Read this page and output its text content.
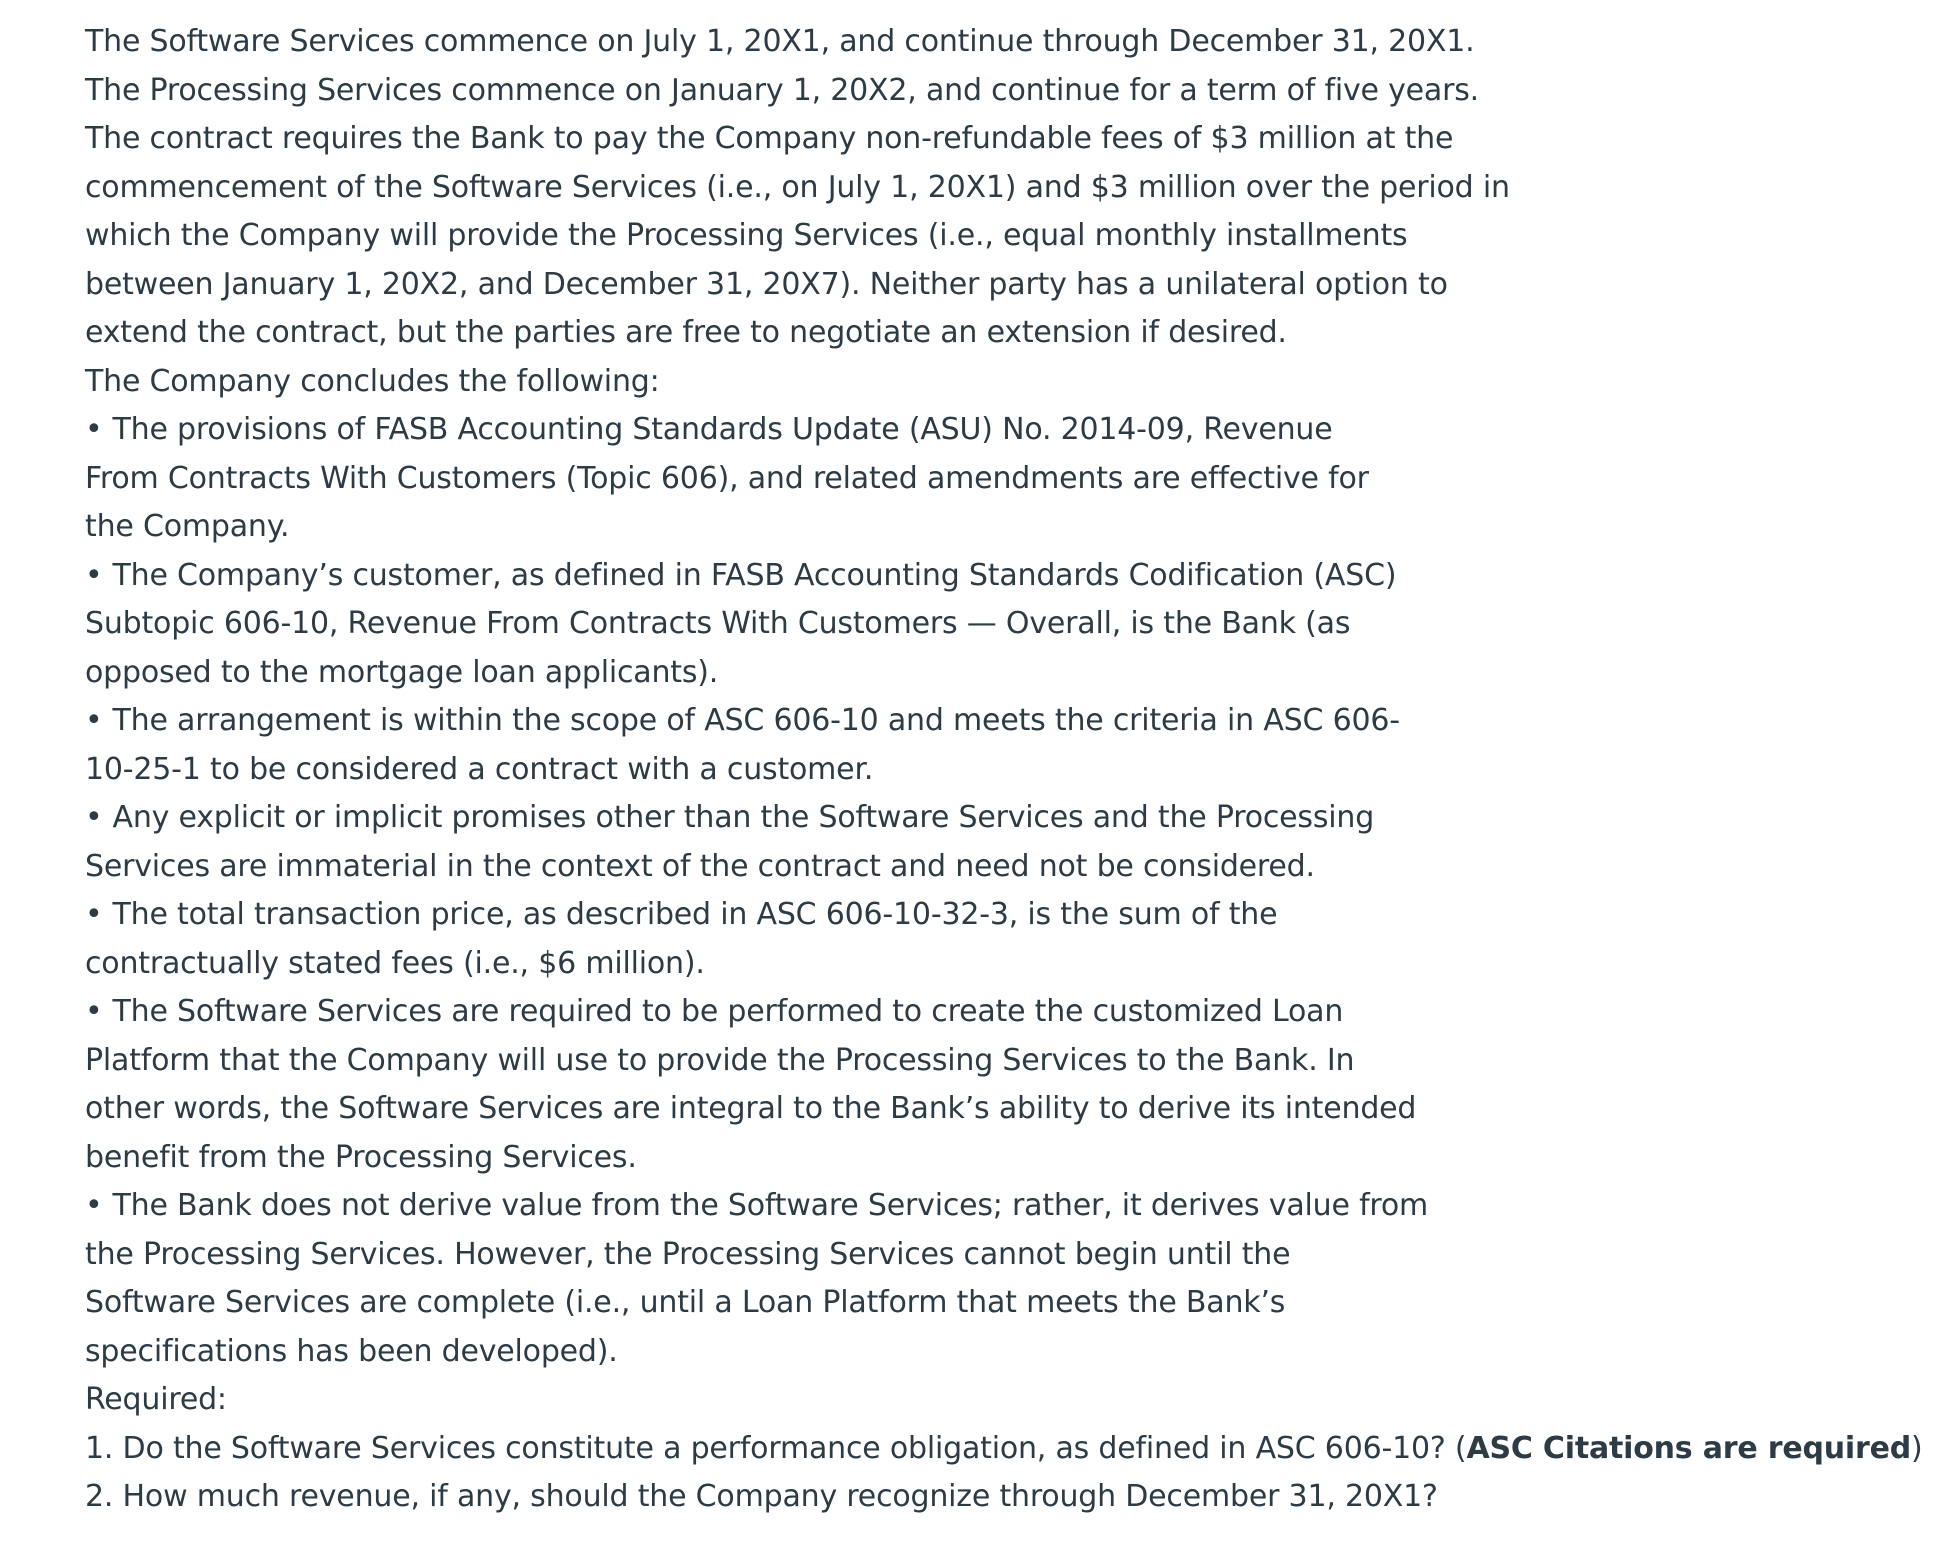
The Software Services commence on July 1, 20X1, and continue through December 31, 20X1.

The Processing Services commence on January 1, 20X2, and continue for a term of five years.

The contract requires the Bank to pay the Company non-refundable fees of $3 million at the

commencement of the Software Services (i.e., on July 1, 20X1) and $3 million over the period in

which the Company will provide the Processing Services (i.e., equal monthly installments

between January 1, 20X2, and December 31, 20X7). Neither party has a unilateral option to

extend the contract, but the parties are free to negotiate an extension if desired.

The Company concludes the following:

• The provisions of FASB Accounting Standards Update (ASU) No. 2014-09, Revenue

From Contracts With Customers (Topic 606), and related amendments are effective for

the Company.

• The Company’s customer, as defined in FASB Accounting Standards Codification (ASC)

Subtopic 606-10, Revenue From Contracts With Customers — Overall, is the Bank (as

opposed to the mortgage loan applicants).

• The arrangement is within the scope of ASC 606-10 and meets the criteria in ASC 606-

10-25-1 to be considered a contract with a customer.

• Any explicit or implicit promises other than the Software Services and the Processing

Services are immaterial in the context of the contract and need not be considered.

• The total transaction price, as described in ASC 606-10-32-3, is the sum of the

contractually stated fees (i.e., $6 million).

• The Software Services are required to be performed to create the customized Loan

Platform that the Company will use to provide the Processing Services to the Bank. In

other words, the Software Services are integral to the Bank’s ability to derive its intended

benefit from the Processing Services.

• The Bank does not derive value from the Software Services; rather, it derives value from

the Processing Services. However, the Processing Services cannot begin until the

Software Services are complete (i.e., until a Loan Platform that meets the Bank’s

specifications has been developed).

Required:

1. Do the Software Services constitute a performance obligation, as defined in ASC 606-10? (ASC Citations are required)

2. How much revenue, if any, should the Company recognize through December 31, 20X1?
